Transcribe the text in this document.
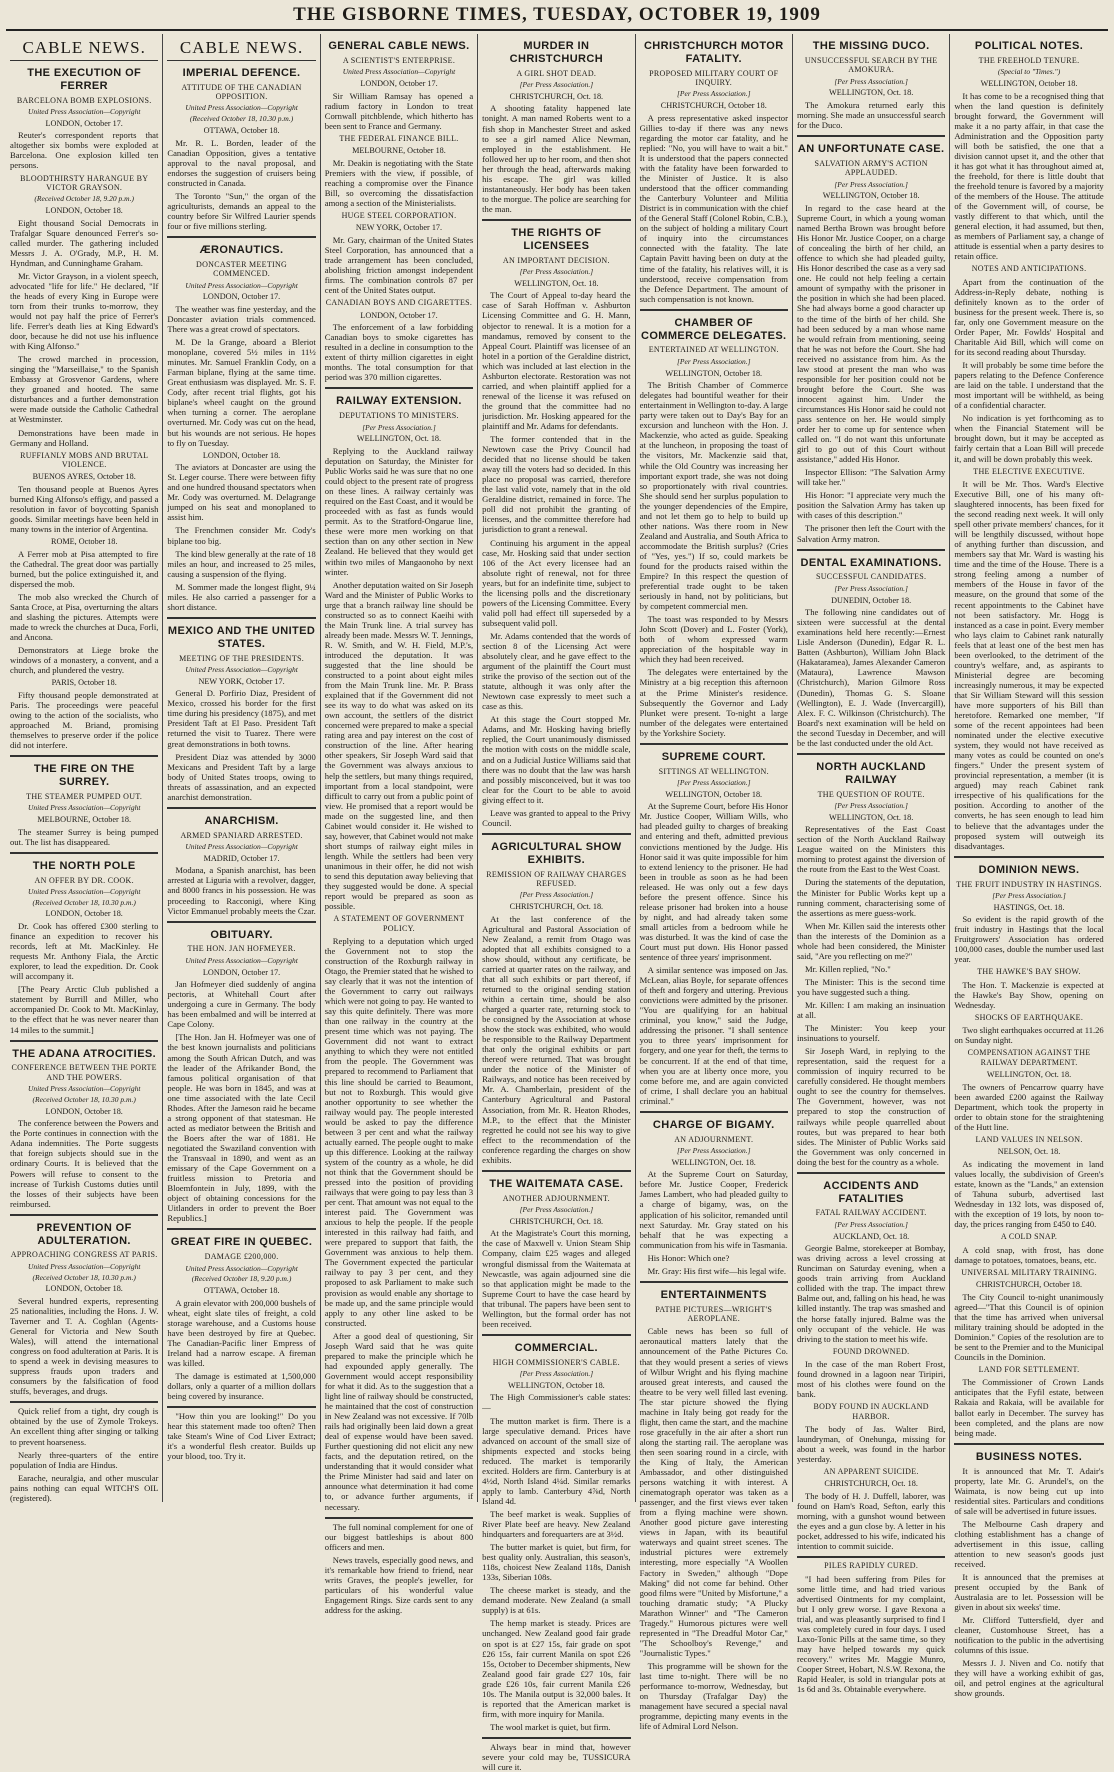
THE GISBORNE TIMES, TUESDAY, OCTOBER 19, 1909
CABLE NEWS.
THE EXECUTION OF FERRER
BARCELONA BOMB EXPLOSIONS.
United Press Association—Copyright
LONDON, October 17.
Reuter's correspondent reports that altogether six bombs were exploded at Barcelona. One explosion killed ten persons.
BLOODTHIRSTY HARANGUE BY VICTOR GRAYSON.
(Received October 18, 9.20 p.m.)
LONDON, October 18.
Eight thousand Social Democrats in Trafalgar Square denounced Ferrer's so-called murder. The gathering included Messrs J. A. O'Grady, M.P., H. M. Hyndman, and Cunninghame Graham.
Mr. Victor Grayson, in a violent speech, advocated "life for life." He declared, "If the heads of every King in Europe were torn from their trunks to-morrow, they would not pay half the price of Ferrer's life. Ferrer's death lies at King Edward's door, because he did not use his influence with King Alfonso."
The crowd marched in procession, singing the "Marseillaise," to the Spanish Embassy at Grosvenor Gardens, where they groaned and hooted. The same disturbances and a further demonstration were made outside the Catholic Cathedral at Westminster.
Demonstrations have been made in Germany and Holland.
RUFFIANLY MOBS AND BRUTAL VIOLENCE.
BUENOS AYRES, October 18.
Ten thousand people at Buenos Ayres burned King Alfonso's effigy, and passed a resolution in favor of boycotting Spanish goods. Similar meetings have been held in many towns in the interior of Argentina.
ROME, October 18.
A Ferrer mob at Pisa attempted to fire the Cathedral. The great door was partially burned, but the police extinguished it, and dispersed the mob.
The mob also wrecked the Church of Santa Croce, at Pisa, overturning the altars and slashing the pictures. Attempts were made to wreck the churches at Duca, Forli, and Ancona.
Demonstrators at Liege broke the windows of a monastery, a convent, and a church, and plundered the vestry.
PARIS, October 18.
Fifty thousand people demonstrated at Paris. The proceedings were peaceful owing to the action of the socialists, who approached M. Briand, promising themselves to preserve order if the police did not interfere.
THE FIRE ON THE SURREY.
THE STEAMER PUMPED OUT.
United Press Association—Copyright
MELBOURNE, October 18.
The steamer Surrey is being pumped out. The list has disappeared.
THE NORTH POLE
AN OFFER BY DR. COOK.
United Press Association—Copyright
(Received October 18, 10.30 p.m.)
LONDON, October 18.
Dr. Cook has offered £300 sterling to finance an expedition to recover his records, left at Mt. MacKinley. He requests Mr. Anthony Fiala, the Arctic explorer, to lead the expedition. Dr. Cook will accompany it.
[The Peary Arctic Club published a statement by Burrill and Miller, who accompanied Dr. Cook to Mt. MacKinlay, to the effect that he was never nearer than 14 miles to the summit.]
THE ADANA ATROCITIES.
CONFERENCE BETWEEN THE PORTE AND THE POWERS.
United Press Association—Copyright
(Received October 18, 10.30 p.m.)
LONDON, October 18.
The conference between the Powers and the Porte continues in connection with the Adana indemnities. The Porte suggests that foreign subjects should sue in the ordinary Courts. It is believed that the Powers will refuse to consent to the increase of Turkish Customs duties until the losses of their subjects have been reimbursed.
PREVENTION OF ADULTERATION.
APPROACHING CONGRESS AT PARIS.
United Press Association—Copyright
(Received October 18, 10.30 p.m.)
LONDON, October 18.
Several hundred experts, representing 25 nationalities, including the Hons. J. W. Taverner and T. A. Coghlan (Agents-General for Victoria and New South Wales), will attend the international congress on food adulteration at Paris. It is to spend a week in devising measures to suppress frauds upon traders and consumers by the falsification of food stuffs, beverages, and drugs.
Quick relief from a tight, dry cough is obtained by the use of Zymole Trokeys. An excellent thing after singing or talking to prevent hoarseness.
Nearly three-quarters of the entire population of India are Hindus.
Earache, neuralgia, and other muscular pains nothing can equal WITCH'S OIL (registered).
CABLE NEWS.
IMPERIAL DEFENCE.
ATTITUDE OF THE CANADIAN OPPOSITION.
United Press Association—Copyright
(Received October 18, 10.30 p.m.)
OTTAWA, October 18.
Mr. R. L. Borden, leader of the Canadian Opposition, gives a tentative approval to the naval proposal, and endorses the suggestion of cruisers being constructed in Canada.
The Toronto "Sun," the organ of the agriculturists, demands an appeal to the country before Sir Wilfred Laurier spends four or five millions sterling.
ÆRONAUTICS.
DONCASTER MEETING COMMENCED.
United Press Association—Copyright
LONDON, October 17.
The weather was fine yesterday, and the Doncaster aviation trials commenced. There was a great crowd of spectators.
M. De la Grange, aboard a Bleriot monoplane, covered 5½ miles in 11½ minutes. Mr. Samuel Franklin Cody, on a Farman biplane, flying at the same time. Great enthusiasm was displayed. Mr. S. F. Cody, after recent trial flights, got his biplane's wheel caught on the ground when turning a corner. The aeroplane overturned. Mr. Cody was cut on the head, but his wounds are not serious. He hopes to fly on Tuesday.
LONDON, October 18.
The aviators at Doncaster are using the St. Leger course. There were between fifty and one hundred thousand spectators when Mr. Cody was overturned. M. Delagrange jumped on his seat and monoplaned to assist him.
The Frenchmen consider Mr. Cody's biplane too big.
The kind blew generally at the rate of 18 miles an hour, and increased to 25 miles, causing a suspension of the flying.
M. Sommer made the longest flight, 9¼ miles. He also carried a passenger for a short distance.
MEXICO AND THE UNITED STATES.
MEETING OF THE PRESIDENTS.
United Press Association—Copyright
NEW YORK, October 17.
General D. Porfirio Diaz, President of Mexico, crossed his border for the first time during his presidency (1875), and met President Taft at El Paso. President Taft returned the visit to Tuarez. There were great demonstrations in both towns.
President Diaz was attended by 3000 Mexicans and President Taft by a large body of United States troops, owing to threats of assassination, and an expected anarchist demonstration.
ANARCHISM.
ARMED SPANIARD ARRESTED.
United Press Association—Copyright
MADRID, October 17.
Modana, a Spanish anarchist, has been arrested at Liguria with a revolver, dagger, and 8000 francs in his possession. He was proceeding to Racconigi, where King Victor Emmanuel probably meets the Czar.
OBITUARY.
THE HON. JAN HOFMEYER.
United Press Association—Copyright
LONDON, October 17.
Jan Hofmeyer died suddenly of angina pectoris, at Whitehall Court after undergoing a cure in Germany. The body has been embalmed and will be interred at Cape Colony.
[The Hon. Jan H. Hofmeyer was one of the best known journalists and politicians among the South African Dutch, and was the leader of the Afrikander Bond, the famous political organisation of that people. He was born in 1845, and was at one time associated with the late Cecil Rhodes. After the Jameson raid he became a strong opponent of that statesman. He acted as mediator between the British and the Boers after the war of 1881. He negotiated the Swaziland convention with the Transvaal in 1890, and went as an emissary of the Cape Government on a fruitless mission to Pretoria and Bloemfontein in July, 1899, with the object of obtaining concessions for the Uitlanders in order to prevent the Boer Republics.]
GREAT FIRE IN QUEBEC.
DAMAGE £200,000.
United Press Association—Copyright
(Received October 18, 9.20 p.m.)
OTTAWA, October 18.
A grain elevator with 200,000 bushels of wheat, eight slate tiles of freight, a cold storage warehouse, and a Customs house have been destroyed by fire at Quebec. The Canadian-Pacific liner Empress of Ireland had a narrow escape. A fireman was killed.
The damage is estimated at 1,500,000 dollars, only a quarter of a million dollars being covered by insurance.
"How thin you are looking!" Do you hear this statement made too often? Then take Steam's Wine of Cod Liver Extract; it's a wonderful flesh creator. Builds up your blood, too. Try it.
GENERAL CABLE NEWS.
A SCIENTIST'S ENTERPRISE.
United Press Association—Copyright
LONDON, October 17.
Sir William Ramsay has opened a radium factory in London to treat Cornwall pitchblende, which hitherto has been sent to France and Germany.
THE FEDERAL FINANCE BILL.
MELBOURNE, October 18.
Mr. Deakin is negotiating with the State Premiers with the view, if possible, of reaching a compromise over the Finance Bill, so overcoming the dissatisfaction among a section of the Ministerialists.
HUGE STEEL CORPORATION.
NEW YORK, October 17.
Mr. Gary, chairman of the United States Steel Corporation, has announced that a trade arrangement has been concluded, abolishing friction amongst independent firms. The combination controls 87 per cent of the United States output.
CANADIAN BOYS AND CIGARETTES.
LONDON, October 17.
The enforcement of a law forbidding Canadian boys to smoke cigarettes has resulted in a decline in consumption to the extent of thirty million cigarettes in eight months. The total consumption for that period was 370 million cigarettes.
RAILWAY EXTENSION.
DEPUTATIONS TO MINISTERS.
[Per Press Association.]
WELLINGTON, Oct. 18.
Replying to the Auckland railway deputation on Saturday, the Minister for Public Works said he was sure that no one could object to the present rate of progress on these lines. A railway certainly was required on the East Coast, and it would be proceeded with as fast as funds would permit. As to the Stratford-Ongarue line, these were more men working on that section than on any other section in New Zealand. He believed that they would get within two miles of Mangaonoho by next winter.
Another deputation waited on Sir Joseph Ward and the Minister of Public Works to urge that a branch railway line should be constructed so as to connect Kaeihi with the Main Trunk line. A trial survey has already been made. Messrs W. T. Jennings, R. W. Smith, and W. H. Field, M.P.'s, introduced the deputation. It was suggested that the line should be constructed to a point about eight miles from the Main Trunk line. Mr. P. Brass explained that if the Government did not see its way to do what was asked on its own account, the settlers of the district concerned were prepared to make a special rating area and pay interest on the cost of construction of the line. After hearing other speakers, Sir Joseph Ward said that the Government was always anxious to help the settlers, but many things required, important from a local standpoint, were difficult to carry out from a public point of view. He promised that a report would be made on the suggested line, and then Cabinet would consider it. He wished to say, however, that Cabinet would not make short stumps of railway eight miles in length. While the settlers had been very unanimous in their offer, he did not wish to send this deputation away believing that they suggested would be done. A special report would be prepared as soon as possible.
A STATEMENT OF GOVERNMENT POLICY.
Replying to a deputation which urged the Government not to stop the construction of the Roxburgh railway in Otago, the Premier stated that he wished to say clearly that it was not the intention of the Government to carry out railways which were not going to pay. He wanted to say this quite definitely. There was more than one railway in the country at the present time which was not paying. The Government did not want to extract anything to which they were not entitled from the people. The Government was prepared to recommend to Parliament that this line should be carried to Beaumont, but not to Roxburgh. This would give another opportunity to see whether the railway would pay. The people interested would be asked to pay the difference between 3 per cent and what the railway actually earned. The people ought to make up this difference. Looking at the railway system of the country as a whole, he did not think that the Government should be pressed into the position of providing railways that were going to pay less than 3 per cent. That amount was not equal to the interest paid. The Government was anxious to help the people. If the people interested in this railway had faith, and were prepared to support that faith, the Government was anxious to help them. The Government expected the particular railway to pay 3 per cent, and they proposed to ask Parliament to make such provision as would enable any shortage to be made up, and the same principle would apply to any other line asked to be constructed.
After a good deal of questioning, Sir Joseph Ward said that he was quite prepared to make the principle which he had expounded apply generally. The Government would accept responsibility for what it did. As to the suggestion that a light line of railway should be constructed, he maintained that the cost of construction in New Zealand was not excessive. If 70lb rails had originally been laid down a great deal of expense would have been saved. Further questioning did not elicit any new facts, and the deputation retired, on the understanding that it would consider what the Prime Minister had said and later on announce what determination it had come to, or advance further arguments, if necessary.
The full nominal complement for one of our biggest battleships is about 800 officers and men.
News travels, especially good news, and it's remarkable how friend to friend, near writs Graves, the people's jeweller, for particulars of his wonderful value Engagement Rings. Size cards sent to any address for the asking.
MURDER IN CHRISTCHURCH
A GIRL SHOT DEAD.
[Per Press Association.]
CHRISTCHURCH, Oct. 18.
A shooting fatality happened late tonight. A man named Roberts went to a fish shop in Manchester Street and asked to see a girl named Alice Newman, employed in the establishment. He followed her up to her room, and then shot her through the head, afterwards making his escape. The girl was killed instantaneously. Her body has been taken to the morgue. The police are searching for the man.
THE RIGHTS OF LICENSEES
AN IMPORTANT DECISION.
[Per Press Association.]
WELLINGTON, Oct. 18.
The Court of Appeal to-day heard the case of Sarah Hoffman v. Ashburton Licensing Committee and G. H. Mann, objector to renewal. It is a motion for a mandamus, removed by consent to the Appeal Court. Plaintiff was licensee of an hotel in a portion of the Geraldine district, which was included at last election in the Ashburton electorate. Restoration was not carried, and when plaintiff applied for a renewal of the license it was refused on the ground that the committee had no jurisdiction. Mr. Hosking appeared for the plaintiff and Mr. Adams for defendants.
The former contended that in the Newtown case the Privy Council had decided that no license should be taken away till the voters had so decided. In this place no proposal was carried, therefore the last valid vote, namely that in the old Geraldine district, remained in force. The poll did not prohibit the granting of licenses, and the committee therefore had jurisdiction to grant a renewal.
Continuing his argument in the appeal case, Mr. Hosking said that under section 106 of the Act every licensee had an absolute right of renewal, not for three years, but for an indefinite time, subject to the licensing polls and the discretionary powers of the Licensing Committee. Every valid poll had effect till superseded by a subsequent valid poll.
Mr. Adams contended that the words of section 8 of the Licensing Act were absolutely clear, and he gave effect to the argument of the plaintiff the Court must strike the proviso of the section out of the statute, although it was only after the Newtown case expressly to meet such a case as this.
At this stage the Court stopped Mr. Adams, and Mr. Hosking having briefly replied, the Court unanimously dismissed the motion with costs on the middle scale, and on a Judicial Justice Williams said that there was no doubt that the law was harsh and possibly misconceived, but it was too clear for the Court to be able to avoid giving effect to it.
Leave was granted to appeal to the Privy Council.
AGRICULTURAL SHOW EXHIBITS.
REMISSION OF RAILWAY CHARGES REFUSED.
[Per Press Association.]
CHRISTCHURCH, Oct. 18.
At the last conference of the Agricultural and Pastoral Association of New Zealand, a remit from Otago was adopted that all exhibits consigned to a show should, without any certificate, be carried at quarter rates on the railway, and that all such exhibits or part thereof, if returned to the original sending station within a certain time, should be also charged a quarter rate, returning stock to be consigned by the Association at whose show the stock was exhibited, who would be responsible to the Railway Department that only the original exhibits or part thereof were returned. That was brought under the notice of the Minister of Railways, and notice has been received by Mr. A. Chamberlain, president of the Canterbury Agricultural and Pastoral Association, from Mr. R. Heaton Rhodes, M.P., to the effect that the Minister regretted he could not see his way to give effect to the recommendation of the conference regarding the charges on show exhibits.
THE WAITEMATA CASE.
ANOTHER ADJOURNMENT.
[Per Press Association.]
CHRISTCHURCH, Oct. 18.
At the Magistrate's Court this morning, the case of Maxwell v. Union Steam Ship Company, claim £25 wages and alleged wrongful dismissal from the Waitemata at Newcastle, was again adjourned sine die so that application might be made to the Supreme Court to have the case heard by that tribunal. The papers have been sent to Wellington, but the formal order has not been received.
COMMERCIAL.
HIGH COMMISSIONER'S CABLE.
[Per Press Association.]
WELLINGTON, October 18.
The High Commissioner's cable states:—
The mutton market is firm. There is a large speculative demand. Prices have advanced on account of the small size of shipments expected and stocks being reduced. The market is temporarily excited. Holders are firm. Canterbury is at 4½d, North Island 4¼d. Similar remarks apply to lamb. Canterbury 4⅞d, North Island 4d.
The beef market is weak. Supplies of River Plate beef are heavy. New Zealand hindquarters and forequarters are at 3½d.
The butter market is quiet, but firm, for best quality only. Australian, this season's, 118s, choicest New Zealand 118s, Danish 133s, Siberian 108s.
The cheese market is steady, and the demand moderate. New Zealand (a small supply) is at 61s.
The hemp market is steady. Prices are unchanged. New Zealand good fair grade on spot is at £27 15s, fair grade on spot £26 15s, fair current Manila on spot £26 15s, October to December shipments, New Zealand good fair grade £27 10s, fair grade £26 10s, fair current Manila £26 10s. The Manila output is 32,000 bales. It is reported that the American market is firm, with more inquiry for Manila.
The wool market is quiet, but firm.
Always bear in mind that, however severe your cold may be, TUSSICURA will cure it.
CHRISTCHURCH MOTOR FATALITY.
PROPOSED MILITARY COURT OF INQUIRY.
[Per Press Association.]
CHRISTCHURCH, October 18.
A press representative asked inspector Gillies to-day if there was any news regarding the motor car fatality, and he replied: "No, you will have to wait a bit." It is understood that the papers connected with the fatality have been forwarded to the Minister of Justice. It is also understood that the officer commanding the Canterbury Volunteer and Militia District is in communication with the chief of the General Staff (Colonel Robin, C.B.), on the subject of holding a military Court of inquiry into the circumstances connected with the fatality. The late Captain Pavitt having been on duty at the time of the fatality, his relatives will, it is understood, receive compensation from the Defence Department. The amount of such compensation is not known.
CHAMBER OF COMMERCE DELEGATES.
ENTERTAINED AT WELLINGTON.
[Per Press Association.]
WELLINGTON, October 18.
The British Chamber of Commerce delegates had bountiful weather for their entertainment in Wellington to-day. A large party were taken out to Day's Bay for an excursion and luncheon with the Hon. J. Mackenzie, who acted as guide. Speaking at the luncheon, in proposing the toast of the visitors, Mr. Mackenzie said that, while the Old Country was increasing her important export trade, she was not doing so proportionately with rival countries. She should send her surplus population to the younger dependencies of the Empire, and not let them go to help to build up other nations. Was there room in New Zealand and Australia, and South Africa to accommodate the British surplus? (Cries of "Yes, yes.") If so, could markets be found for the products raised within the Empire? In this respect the question of preferential trade ought to be taken seriously in hand, not by politicians, but by competent commercial men.
The toast was responded to by Messrs John Scott (Dover) and L. Foster (York), both of whom expressed warm appreciation of the hospitable way in which they had been received.
The delegates were entertained by the Ministry at a big reception this afternoon at the Prime Minister's residence. Subsequently the Governor and Lady Plunket were present. To-night a large number of the delegates were entertained by the Yorkshire Society.
SUPREME COURT.
SITTINGS AT WELLINGTON.
[Per Press Association.]
WELLINGTON, October 18.
At the Supreme Court, before His Honor Mr. Justice Cooper, William Wills, who had pleaded guilty to charges of breaking and entering and theft, admitted previous convictions mentioned by the Judge. His Honor said it was quite impossible for him to extend leniency to the prisoner. He had been in trouble as soon as he had been released. He was only out a few days before the present offence. Since his release prisoner had broken into a house by night, and had already taken some small articles from a bedroom while he was disturbed. It was the kind of case the Court must put down. His Honor passed sentence of three years' imprisonment.
A similar sentence was imposed on Jas. McLean, alias Boyle, for separate offences of theft and forgery and uttering. Previous convictions were admitted by the prisoner. "You are qualifying for an habitual criminal, you know," said the Judge, addressing the prisoner. "I shall sentence you to three years' imprisonment for forgery, and one year for theft, the terms to be concurrent. If at the end of that time, when you are at liberty once more, you come before me, and are again convicted of crime, I shall declare you an habitual criminal."
CHARGE OF BIGAMY.
AN ADJOURNMENT.
[Per Press Association.]
WELLINGTON, Oct. 18.
At the Supreme Court on Saturday, before Mr. Justice Cooper, Frederick James Lambert, who had pleaded guilty to a charge of bigamy, was, on the application of his solicitor, remanded until next Saturday. Mr. Gray stated on his behalf that he was expecting a communication from his wife in Tasmania.
His Honor: Which one?
Mr. Gray: His first wife—his legal wife.
ENTERTAINMENTS
PATHE PICTURES—WRIGHT'S AEROPLANE.
Cable news has been so full of aeronautical matters lately that the announcement of the Pathe Pictures Co. that they would present a series of views of Wilbur Wright and his flying machine aroused great interests, and caused the theatre to be very well filled last evening. The star picture showed the flying machine in Italy being got ready for the flight, then came the start, and the machine rose gracefully in the air after a short run along the starting rail. The aeroplane was then seen soaring round in a circle, with the King of Italy, the American Ambassador, and other distinguished persons watching it with interest. A cinematograph operator was taken as a passenger, and the first views ever taken from a flying machine were shown. Another good picture gave interesting views in Japan, with its beautiful waterways and quaint street scenes. The industrial pictures were extremely interesting, more especially "A Woollen Factory in Sweden," although "Dope Making" did not come far behind. Other good films were "United by Misfortune," a touching dramatic study; "A Plucky Marathon Winner" and "The Cameron Tragedy." Humorous pictures were well represented in "The Dreadful Motor Car," "The Schoolboy's Revenge," and "Journalistic Types."
This programme will be shown for the last time to-night. There will be no performance to-morrow, Wednesday, but on Thursday (Trafalgar Day) the management have secured a special naval programme, depicting many events in the life of Admiral Lord Nelson.
THE MISSING DUCO.
UNSUCCESSFUL SEARCH BY THE AMOKURA.
[Per Press Association.]
WELLINGTON, Oct. 18.
The Amokura returned early this morning. She made an unsuccessful search for the Duco.
AN UNFORTUNATE CASE.
SALVATION ARMY'S ACTION APPLAUDED.
[Per Press Association.]
WELLINGTON, October 18.
In regard to the case heard at the Supreme Court, in which a young woman named Bertha Brown was brought before His Honor Mr. Justice Cooper, on a charge of concealing the birth of her child, an offence to which she had pleaded guilty, His Honor described the case as a very sad one. He could not help feeling a certain amount of sympathy with the prisoner in the position in which she had been placed. She had always borne a good character up to the time of the birth of her child. She had been seduced by a man whose name he would refrain from mentioning, seeing that he was not before the Court. She had received no assistance from him. As the law stood at present the man who was responsible for her position could not be brought before the Court. She was innocent against him. Under the circumstances His Honor said he could not pass sentence on her. He would simply order her to come up for sentence when called on. "I do not want this unfortunate girl to go out of this Court without assistance," added His Honor.
Inspector Ellison: "The Salvation Army will take her."
His Honor: "I appreciate very much the position the Salvation Army has taken up with cases of this description."
The prisoner then left the Court with the Salvation Army matron.
DENTAL EXAMINATIONS.
SUCCESSFUL CANDIDATES.
[Per Press Association.]
DUNEDIN, October 18.
The following nine candidates out of sixteen were successful at the dental examinations held here recently:—Ernest Lisle Anderson (Dunedin), Edgar R. L. Batten (Ashburton), William John Black (Hakataramea), James Alexander Cameron (Mataura), Lawrence Mawson (Christchurch), Marion Gilmore Ross (Dunedin), Thomas G. S. Sloane (Wellington), E. J. Wade (Invercargill), Alex. F. C. Wilkinson (Christchurch). The Board's next examination will be held on the second Tuesday in December, and will be the last conducted under the old Act.
NORTH AUCKLAND RAILWAY
THE QUESTION OF ROUTE.
[Per Press Association.]
WELLINGTON, Oct. 18.
Representatives of the East Coast section of the North Auckland Railway League waited on the Ministers this morning to protest against the diversion of the route from the East to the West Coast.
During the statements of the deputation, the Minister for Public Works kept up a running comment, characterising some of the assertions as mere guess-work.
When Mr. Killen said the interests other than the interests of the Dominion as a whole had been considered, the Minister said, "Are you reflecting on me?"
Mr. Killen replied, "No."
The Minister: This is the second time you have suggested such a thing.
Mr. Killen: I am making an insinuation at all.
The Minister: You keep your insinuations to yourself.
Sir Joseph Ward, in replying to the representation, said the request for a commission of inquiry recurred to be carefully considered. He thought members ought to see the country for themselves. The Government, however, was not prepared to stop the construction of railways while people quarrelled about routes, but was prepared to hear both sides. The Minister of Public Works said the Government was only concerned in doing the best for the country as a whole.
ACCIDENTS AND FATALITIES
FATAL RAILWAY ACCIDENT.
[Per Press Association.]
AUCKLAND, Oct. 18.
Georgie Balme, storekeeper at Bombay, was driving across a level crossing at Runciman on Saturday evening, when a goods train arriving from Auckland collided with the trap. The impact threw Balme out, and, falling on his head, he was killed instantly. The trap was smashed and the horse fatally injured. Balme was the only occupant of the vehicle. He was driving to the station to meet his wife.
FOUND DROWNED.
In the case of the man Robert Frost, found drowned in a lagoon near Tiripiri, most of his clothes were found on the bank.
BODY FOUND IN AUCKLAND HARBOR.
The body of Jas. Walter Bird, laundryman, of Onehunga, missing for about a week, was found in the harbor yesterday.
AN APPARENT SUICIDE.
CHRISTCHURCH, Oct. 18.
The body of H. J. Duffell, laborer, was found on Ham's Road, Sefton, early this morning, with a gunshot wound between the eyes and a gun close by. A letter in his pocket, addressed to his wife, indicated his intention to commit suicide.
PILES RAPIDLY CURED.
"I had been suffering from Piles for some little time, and had tried various advertised Ointments for my complaint, but I only grew worse. I gave Rexona a trial, and was pleasantly surprised to find I was completely cured in four days. I used Laxo-Tonic Pills at the same time, so they may have helped towards my quick recovery." writes Mr. Maggie Munro, Cooper Street, Hobart, N.S.W. Rexona, the Rapid Healer, is sold in triangular pots at 1s 6d and 3s. Obtainable everywhere.
POLITICAL NOTES.
THE FREEHOLD TENURE.
(Special to "Times.")
WELLINGTON, October 18.
It has come to be a recognised thing that when the land question is definitely brought forward, the Government will make it a no party affair, in that case the Administration and the Opposition party will both be satisfied, the one that a division cannot upset it, and the other that it has got what it has throughout aimed at, the freehold, for there is little doubt that the freehold tenure is favored by a majority of the members of the House. The attitude of the Government will, of course, be vastly different to that which, until the general election, it had assumed, but then, as members of Parliament say, a change of attitude is essential when a party desires to retain office.
NOTES AND ANTICIPATIONS.
Apart from the continuation of the Address-in-Reply debate, nothing is definitely known as to the order of business for the present week. There is, so far, only one Government measure on the Order Paper, Mr. Fowlds' Hospital and Charitable Aid Bill, which will come on for its second reading about Thursday.
It will probably be some time before the papers relating to the Defence Conference are laid on the table. I understand that the most important will be withheld, as being of a confidential character.
No indication is yet forthcoming as to when the Financial Statement will be brought down, but it may be accepted as fairly certain that a Loan Bill will precede it, and will be down probably this week.
THE ELECTIVE EXECUTIVE.
It will be Mr. Thos. Ward's Elective Executive Bill, one of his many oft-slaughtered innocents, has been fixed for the second reading next week. It will only spell other private members' chances, for it will be lengthily discussed, without hope of anything further than discussion, and members say that Mr. Ward is wasting his time and the time of the House. There is a strong feeling among a number of members of the House in favor of the measure, on the ground that some of the recent appointments to the Cabinet have not been satisfactory. Mr. Hogg is instanced as a case in point. Every member who lays claim to Cabinet rank naturally feels that at least one of the best men has been overlooked, to the detriment of the country's welfare, and, as aspirants to Ministerial degree are becoming increasingly numerous, it may be expected that Sir William Steward will this session have more supporters of his Bill than heretofore. Remarked one member, "If some of the recent appointees had been nominated under the elective executive system, they would not have received as many votes as could be counted on one's fingers." Under the present system of provincial representation, a member (it is argued) may reach Cabinet rank irrespective of his qualifications for the position. According to another of the converts, he has seen enough to lead him to believe that the advantages under the proposed system will outweigh its disadvantages.
DOMINION NEWS.
THE FRUIT INDUSTRY IN HASTINGS.
[Per Press Association.]
HASTINGS, Oct. 18.
So evident is the rapid growth of the fruit industry in Hastings that the local Fruitgrowers' Association has ordered 100,000 cases, double the number used last year.
THE HAWKE'S BAY SHOW.
The Hon. T. Mackenzie is expected at the Hawke's Bay Show, opening on Wednesday.
SHOCKS OF EARTHQUAKE.
Two slight earthquakes occurred at 11.26 on Sunday night.
COMPENSATION AGAINST THE RAILWAY DEPARTMENT.
WELLINGTON, Oct. 18.
The owners of Pencarrow quarry have been awarded £200 against the Railway Department, which took the property in order to obtain stone for the straightening of the Hutt line.
LAND VALUES IN NELSON.
NELSON, Oct. 18.
As indicating the movement in land values locally, the subdivision of Green's estate, known as the "Lands," an extension of Tahuna suburb, advertised last Wednesday in 132 lots, was disposed of, with the exception of 19 lots, by noon to-day, the prices ranging from £450 to £40.
A COLD SNAP.
A cold snap, with frost, has done damage to potatoes, tomatoes, beans, etc.
UNIVERSAL MILITARY TRAINING.
CHRISTCHURCH, October 18.
The City Council to-night unanimously agreed—"That this Council is of opinion that the time has arrived when universal military training should be adopted in the Dominion." Copies of the resolution are to be sent to the Premier and to the Municipal Councils in the Dominion.
LAND FOR SETTLEMENT.
The Commissioner of Crown Lands anticipates that the Fyfil estate, between Rakaia and Rakaia, will be available for ballot early in December. The survey has been completed, and the plans are now being made.
BUSINESS NOTES.
It is announced that Mr. T. Adair's property, late Mr. G. Arundel's, on the Waimata, is now being cut up into residential sites. Particulars and conditions of sale will be advertised in future issues.
The Melbourne Cash drapery and clothing establishment has a change of advertisement in this issue, calling attention to new season's goods just received.
It is announced that the premises at present occupied by the Bank of Australasia are to let. Possession will be given in about six weeks' time.
Mr. Clifford Tuttersfield, dyer and cleaner, Customhouse Street, has a notification to the public in the advertising columns of this issue.
Messrs J. J. Niven and Co. notify that they will have a working exhibit of gas, oil, and petrol engines at the agricultural show grounds.
